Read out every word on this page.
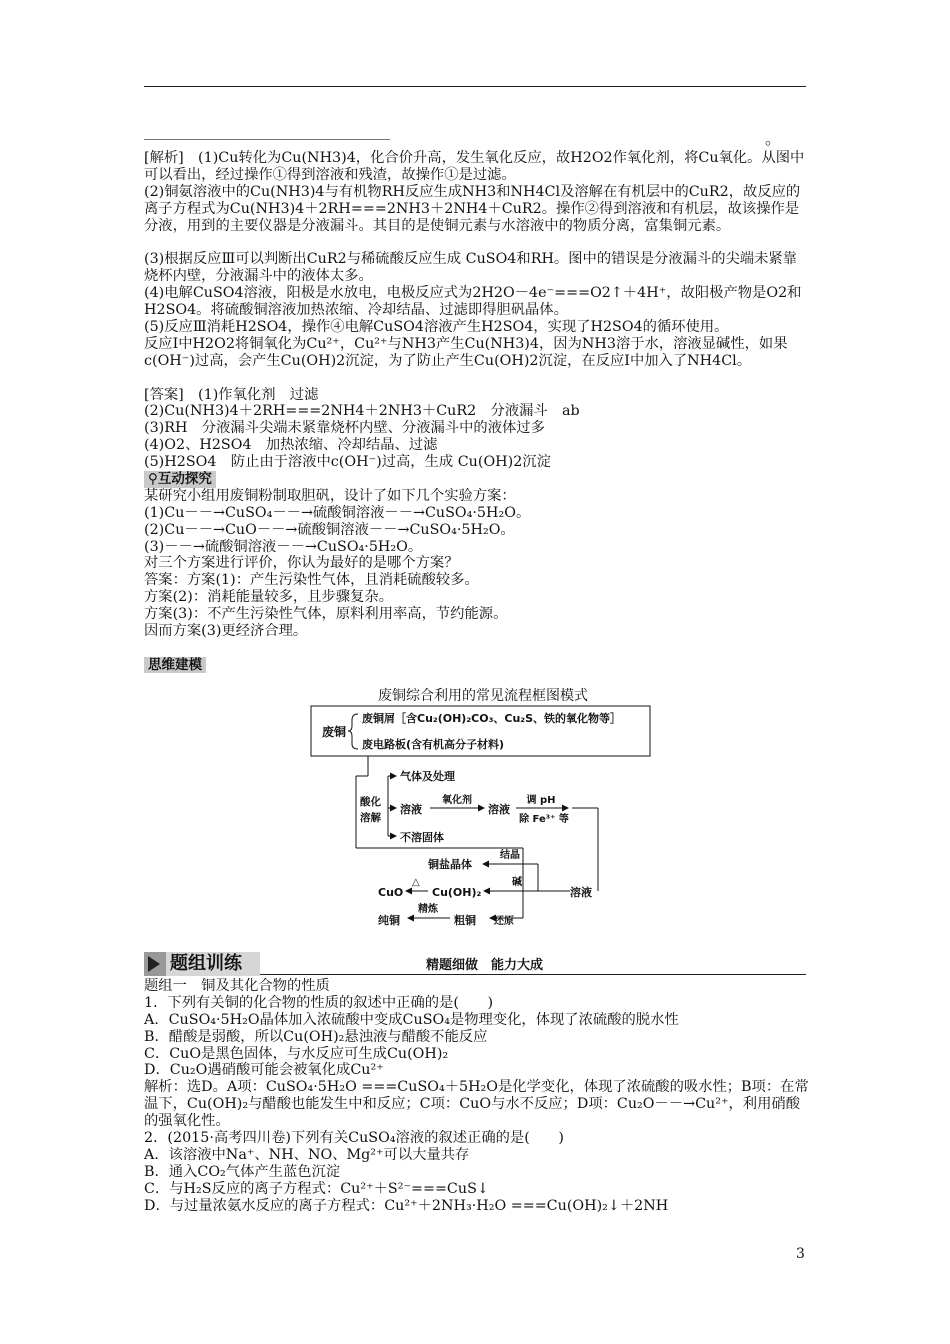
。
[解析]　(1)Cu转化为Cu(NH3)4，化合价升高，发生氧化反应，故H2O2作氧化剂，将Cu氧化。从图中可以看出，经过操作①得到溶液和残渣，故操作①是过滤。
(2)铜氨溶液中的Cu(NH3)4与有机物RH反应生成NH3和NH4Cl及溶解在有机层中的CuR2，故反应的离子方程式为Cu(NH3)4＋2RH===2NH3＋2NH4＋CuR2。操作②得到溶液和有机层，故该操作是分液，用到的主要仪器是分液漏斗。其目的是使铜元素与水溶液中的物质分离，富集铜元素。
(3)根据反应Ⅲ可以判断出CuR2与稀硫酸反应生成 CuSO4和RH。图中的错误是分液漏斗的尖端未紧靠烧杯内壁，分液漏斗中的液体太多。
(4)电解CuSO4溶液，阳极是水放电，电极反应式为2H2O－4e⁻===O2↑＋4H⁺，故阳极产物是O2和H2SO4。将硫酸铜溶液加热浓缩、冷却结晶、过滤即得胆矾晶体。
(5)反应Ⅲ消耗H2SO4，操作④电解CuSO4溶液产生H2SO4，实现了H2SO4的循环使用。
反应Ⅰ中H2O2将铜氧化为Cu²⁺，Cu²⁺与NH3产生Cu(NH3)4，因为NH3溶于水，溶液显碱性，如果c(OH⁻)过高，会产生Cu(OH)2沉淀，为了防止产生Cu(OH)2沉淀，在反应Ⅰ中加入了NH4Cl。
[答案]　(1)作氧化剂　过滤
(2)Cu(NH3)4＋2RH===2NH4＋2NH3＋CuR2　分液漏斗　ab
(3)RH　分液漏斗尖端未紧靠烧杯内壁、分液漏斗中的液体过多
(4)O2、H2SO4　加热浓缩、冷却结晶、过滤
(5)H2SO4　防止由于溶液中c(OH⁻)过高，生成 Cu(OH)2沉淀
⚲互动探究
某研究小组用废铜粉制取胆矾，设计了如下几个实验方案：
(1)Cu－－→CuSO₄－－→硫酸铜溶液－－→CuSO₄·5H₂O。
(2)Cu－－→CuO－－→硫酸铜溶液－－→CuSO₄·5H₂O。
(3)－－→硫酸铜溶液－－→CuSO₄·5H₂O。
对三个方案进行评价，你认为最好的是哪个方案？
答案：方案(1)：产生污染性气体，且消耗硫酸较多。
方案(2)：消耗能量较多，且步骤复杂。
方案(3)：不产生污染性气体，原料利用率高，节约能源。
因而方案(3)更经济合理。
思维建模
废铜综合利用的常见流程框图模式
废铜
废铜屑［含Cu₂(OH)₂CO₃、Cu₂S、铁的氧化物等］
废电路板(含有机高分子材料)
酸化
溶解
气体及处理
溶液
氧化剂
溶液
调 pH
除 Fe³⁺ 等
不溶固体
结晶
铜盐晶体
碱
溶液
Cu(OH)₂
△
CuO
还原
粗铜
精炼
纯铜
题组训练	精题细做　能力大成
题组一　铜及其化合物的性质
1．下列有关铜的化合物的性质的叙述中正确的是(　　)
A．CuSO₄·5H₂O晶体加入浓硫酸中变成CuSO₄是物理变化，体现了浓硫酸的脱水性
B．醋酸是弱酸，所以Cu(OH)₂悬浊液与醋酸不能反应
C．CuO是黑色固体，与水反应可生成Cu(OH)₂
D．Cu₂O遇硝酸可能会被氧化成Cu²⁺
解析：选D。A项：CuSO₄·5H₂O ===CuSO₄＋5H₂O是化学变化，体现了浓硫酸的吸水性；B项：在常温下，Cu(OH)₂与醋酸也能发生中和反应；C项：CuO与水不反应；D项：Cu₂O－－→Cu²⁺，利用硝酸的强氧化性。
2．(2015·高考四川卷)下列有关CuSO₄溶液的叙述正确的是(　　)
A．该溶液中Na⁺、NH、NO、Mg²⁺可以大量共存
B．通入CO₂气体产生蓝色沉淀
C．与H₂S反应的离子方程式：Cu²⁺＋S²⁻===CuS↓
D．与过量浓氨水反应的离子方程式：Cu²⁺＋2NH₃·H₂O ===Cu(OH)₂↓＋2NH
3
